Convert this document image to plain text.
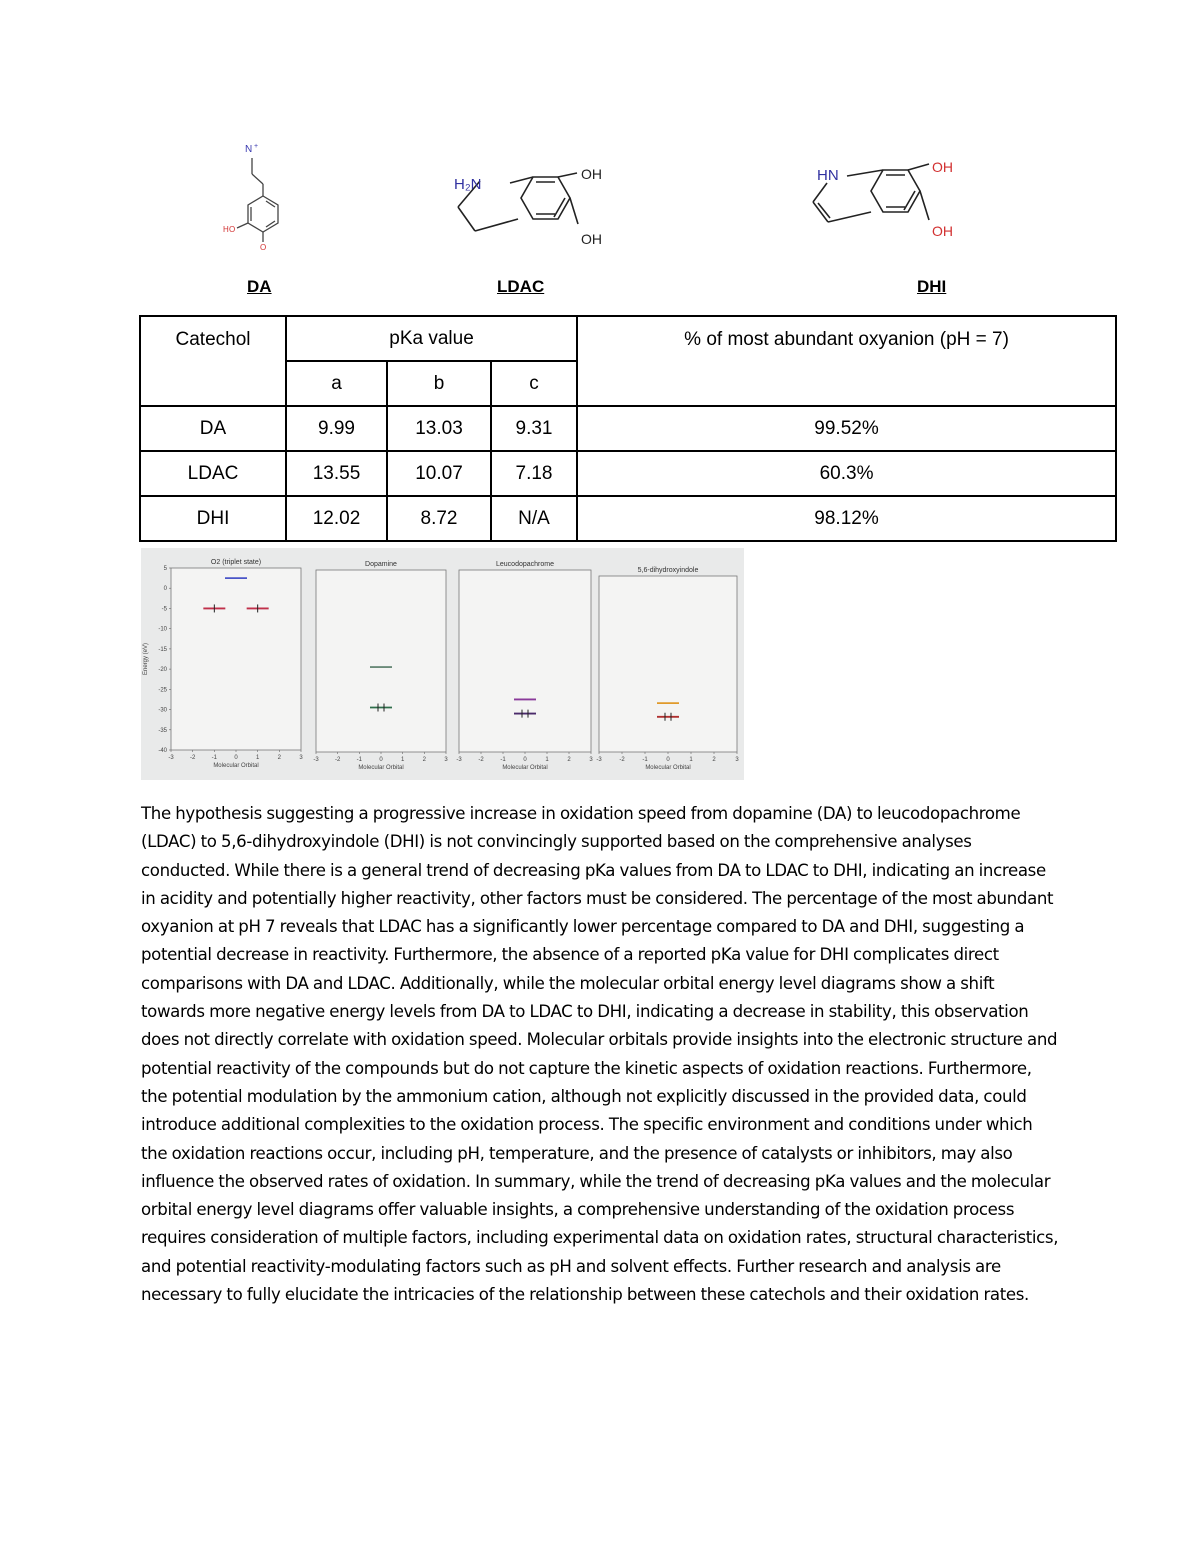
N +
H O
O
DA
H₂N
OH
OH
LDAC
HN	OH
OH
DHI
Catechol	pKa value			% of most abundant oxyanion (pH = 7)
	a	b	c	
DA	9.99	13.03	9.31	99.52%
LDAC	13.55	10.07	7.18	60.3%
DHI	12.02	8.72	N/A	98.12%
O2 (triplet state)
-3	-2	-1	0	1	2	3
Molecular Orbital
5
0
-5
-10
-15
-20
-25
-30
-35
-40
Energy (eV)
Dopamine
-3	-2	-1	0	1	2	3
Molecular Orbital
Leucodopachrome
-3	-2	-1	0	1	2	3
Molecular Orbital
5,6-dihydroxyindole
-3	-2	-1	0	1	2	3
Molecular Orbital

The hypothesis suggesting a progressive increase in oxidation speed from dopamine (DA) to leucodopachrome (LDAC) to 5,6-dihydroxyindole (DHI) is not convincingly supported based on the comprehensive analyses conducted. While there is a general trend of decreasing pKa values from DA to LDAC to DHI, indicating an increase in acidity and potentially higher reactivity, other factors must be considered. The percentage of the most abundant oxyanion at pH 7 reveals that LDAC has a significantly lower percentage compared to DA and DHI, suggesting a potential decrease in reactivity. Furthermore, the absence of a reported pKa value for DHI complicates direct comparisons with DA and LDAC. Additionally, while the molecular orbital energy level diagrams show a shift towards more negative energy levels from DA to LDAC to DHI, indicating a decrease in stability, this observation does not directly correlate with oxidation speed. Molecular orbitals provide insights into the electronic structure and potential reactivity of the compounds but do not capture the kinetic aspects of oxidation reactions. Furthermore, the potential modulation by the ammonium cation, although not explicitly discussed in the provided data, could introduce additional complexities to the oxidation process. The specific environment and conditions under which the oxidation reactions occur, including pH, temperature, and the presence of catalysts or inhibitors, may also influence the observed rates of oxidation. In summary, while the trend of decreasing pKa values and the molecular orbital energy level diagrams offer valuable insights, a comprehensive understanding of the oxidation process requires consideration of multiple factors, including experimental data on oxidation rates, structural characteristics, and potential reactivity-modulating factors such as pH and solvent effects. Further research and analysis are necessary to fully elucidate the intricacies of the relationship between these catechols and their oxidation rates.
